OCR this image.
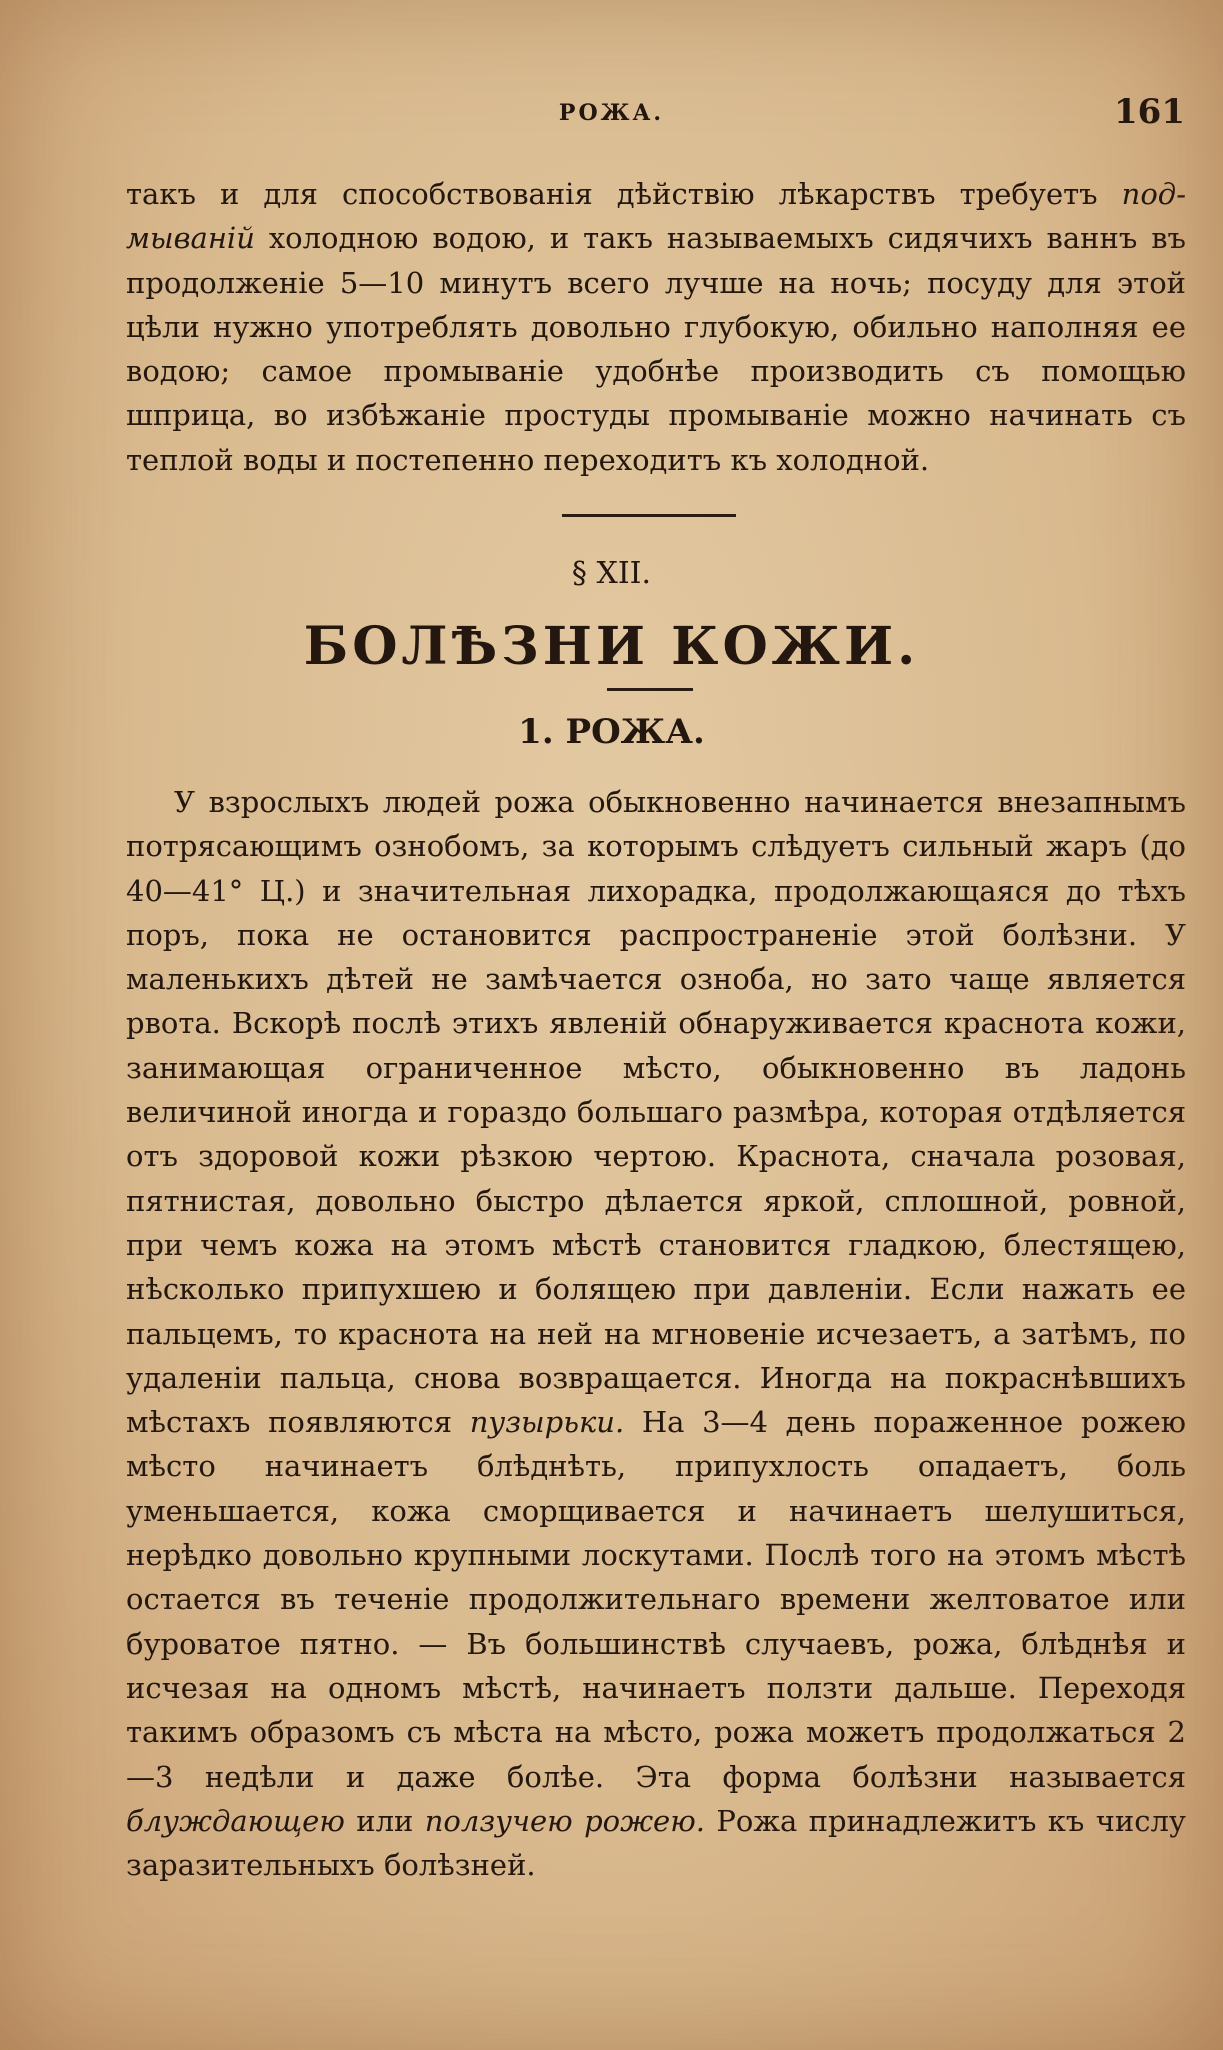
РОЖА.	161

такъ и для способствованія дѣйствію лѣкарствъ требуетъ под-мываній холодною водою, и такъ называемыхъ сидячихъ ваннъ въ продолженіе 5—10 минутъ всего лучше на ночь; посуду для этой цѣли нужно употреблять довольно глубокую, обильно наполняя ее водою; самое промываніе удобнѣе производить съ помощью шприца, во избѣжаніе простуды промываніе можно начинать съ теплой воды и постепенно переходитъ къ холодной.

§ XII.
БОЛѢЗНИ КОЖИ.
1. РОЖА.

У взрослыхъ людей рожа обыкновенно начинается внезапнымъ потрясающимъ ознобомъ, за которымъ слѣдуетъ сильный жаръ (до 40—41° Ц.) и значительная лихорадка, продолжающаяся до тѣхъ поръ, пока не остановится распространеніе этой болѣзни. У маленькихъ дѣтей не замѣчается озноба, но зато чаще является рвота. Вскорѣ послѣ этихъ явленій обнаруживается краснота кожи, занимающая ограниченное мѣсто, обыкновенно въ ладонь величиной иногда и гораздо большаго размѣра, которая отдѣляется отъ здоровой кожи рѣзкою чертою. Краснота, сначала розовая, пятнистая, довольно быстро дѣлается яркой, сплошной, ровной, при чемъ кожа на этомъ мѣстѣ становится гладкою, блестящею, нѣсколько припухшею и болящею при давленіи. Если нажать ее пальцемъ, то краснота на ней на мгновеніе исчезаетъ, а затѣмъ, по удаленіи пальца, снова возвращается. Иногда на покраснѣвшихъ мѣстахъ появляются пузырьки. На 3—4 день пораженное рожею мѣсто начинаетъ блѣднѣть, припухлость опадаетъ, боль уменьшается, кожа сморщивается и начинаетъ шелушиться, нерѣдко довольно крупными лоскутами. Послѣ того на этомъ мѣстѣ остается въ теченіе продолжительнаго времени желтоватое или буроватое пятно. — Въ большинствѣ случаевъ, рожа, блѣднѣя и исчезая на одномъ мѣстѣ, начинаетъ ползти дальше. Переходя такимъ образомъ съ мѣста на мѣсто, рожа можетъ продолжаться 2—3 недѣли и даже болѣе. Эта форма болѣзни называется блуждающею или ползучею рожею. Рожа принадлежитъ къ числу заразительныхъ болѣзней.
